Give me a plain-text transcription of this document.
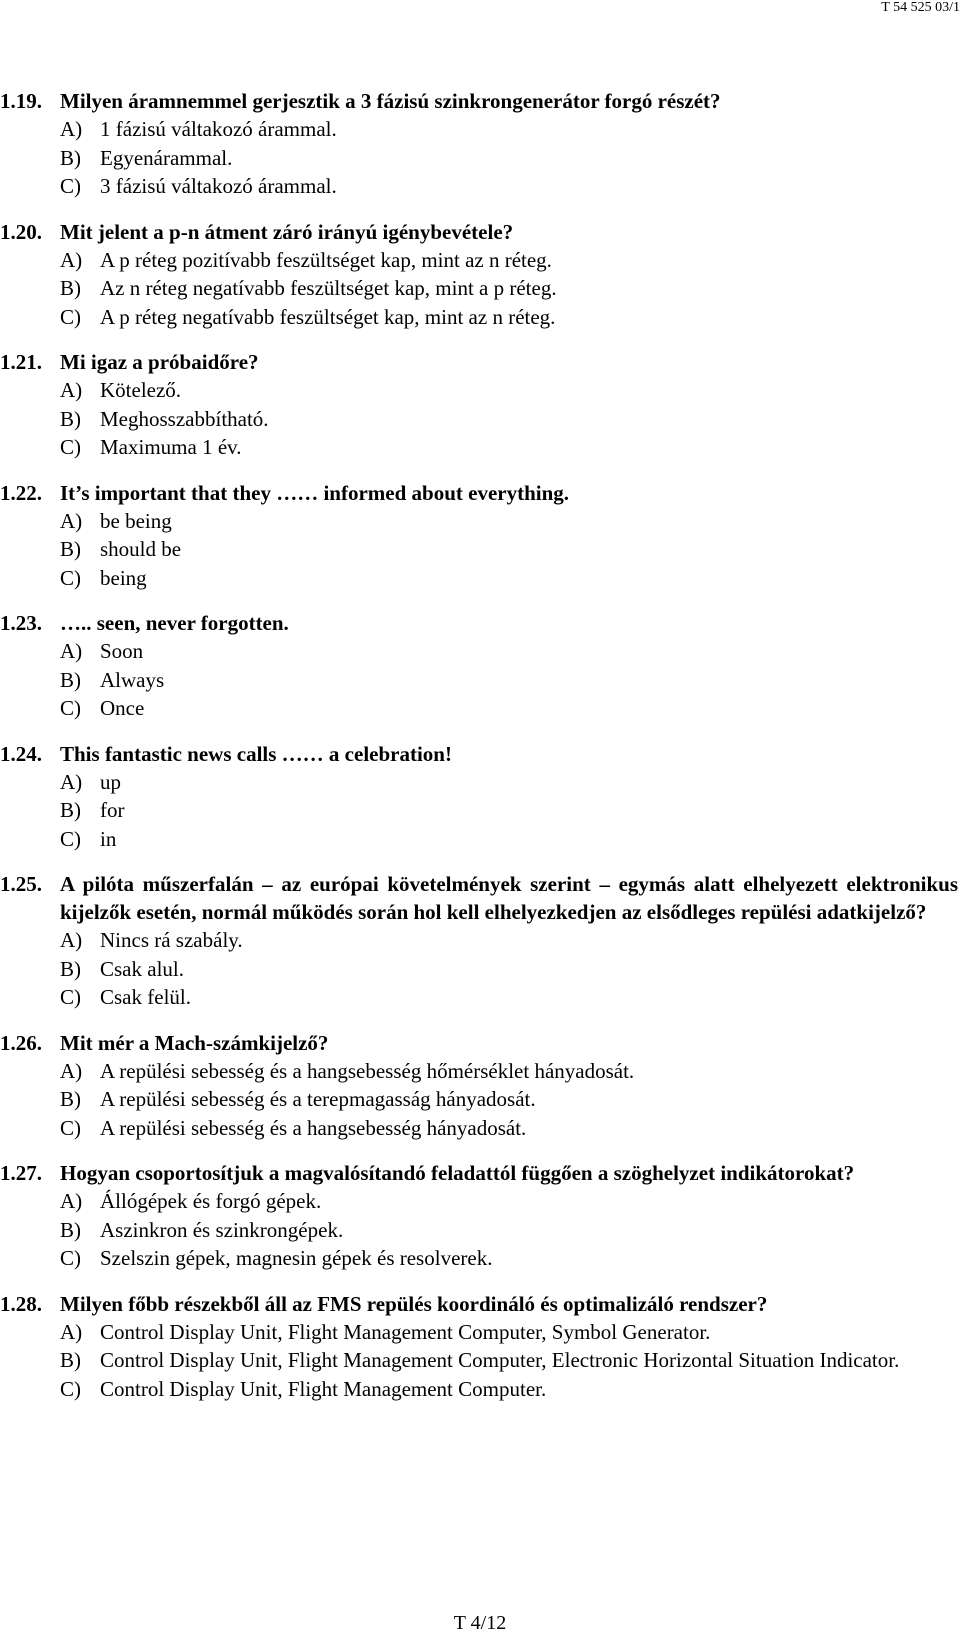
T 54 525 03/1
1.19. Milyen áramnemmel gerjesztik a 3 fázisú szinkrongenerátor forgó részét?
A) 1 fázisú váltakozó árammal.
B) Egyenárammal.
C) 3 fázisú váltakozó árammal.
1.20. Mit jelent a p-n átment záró irányú igénybevétele?
A) A p réteg pozitívabb feszültséget kap, mint az n réteg.
B) Az n réteg negatívabb feszültséget kap, mint a p réteg.
C) A p réteg negatívabb feszültséget kap, mint az n réteg.
1.21. Mi igaz a próbaidőre?
A) Kötelező.
B) Meghosszabbítható.
C) Maximuma 1 év.
1.22. It’s important that they …… informed about everything.
A) be being
B) should be
C) being
1.23. ….. seen, never forgotten.
A) Soon
B) Always
C) Once
1.24. This fantastic news calls …… a celebration!
A) up
B) for
C) in
1.25. A pilóta műszerfalán – az európai követelmények szerint – egymás alatt elhelyezett elektronikus kijelzők esetén, normál működés során hol kell elhelyezkedjen az elsődleges repülési adatkijelző?
A) Nincs rá szabály.
B) Csak alul.
C) Csak felül.
1.26. Mit mér a Mach-számkijelző?
A) A repülési sebesség és a hangsebesség hőmérséklet hányadosát.
B) A repülési sebesség és a terepmagasság hányadosát.
C) A repülési sebesség és a hangsebesség hányadosát.
1.27. Hogyan csoportosítjuk a magvalósítandó feladattól függően a szöghelyzet indikátorokat?
A) Állógépek és forgó gépek.
B) Aszinkron és szinkrongépek.
C) Szelszin gépek, magnesin gépek és resolverek.
1.28. Milyen főbb részekből áll az FMS repülés koordináló és optimalizáló rendszer?
A) Control Display Unit, Flight Management Computer, Symbol Generator.
B) Control Display Unit, Flight Management Computer, Electronic Horizontal Situation Indicator.
C) Control Display Unit, Flight Management Computer.
T 4/12
